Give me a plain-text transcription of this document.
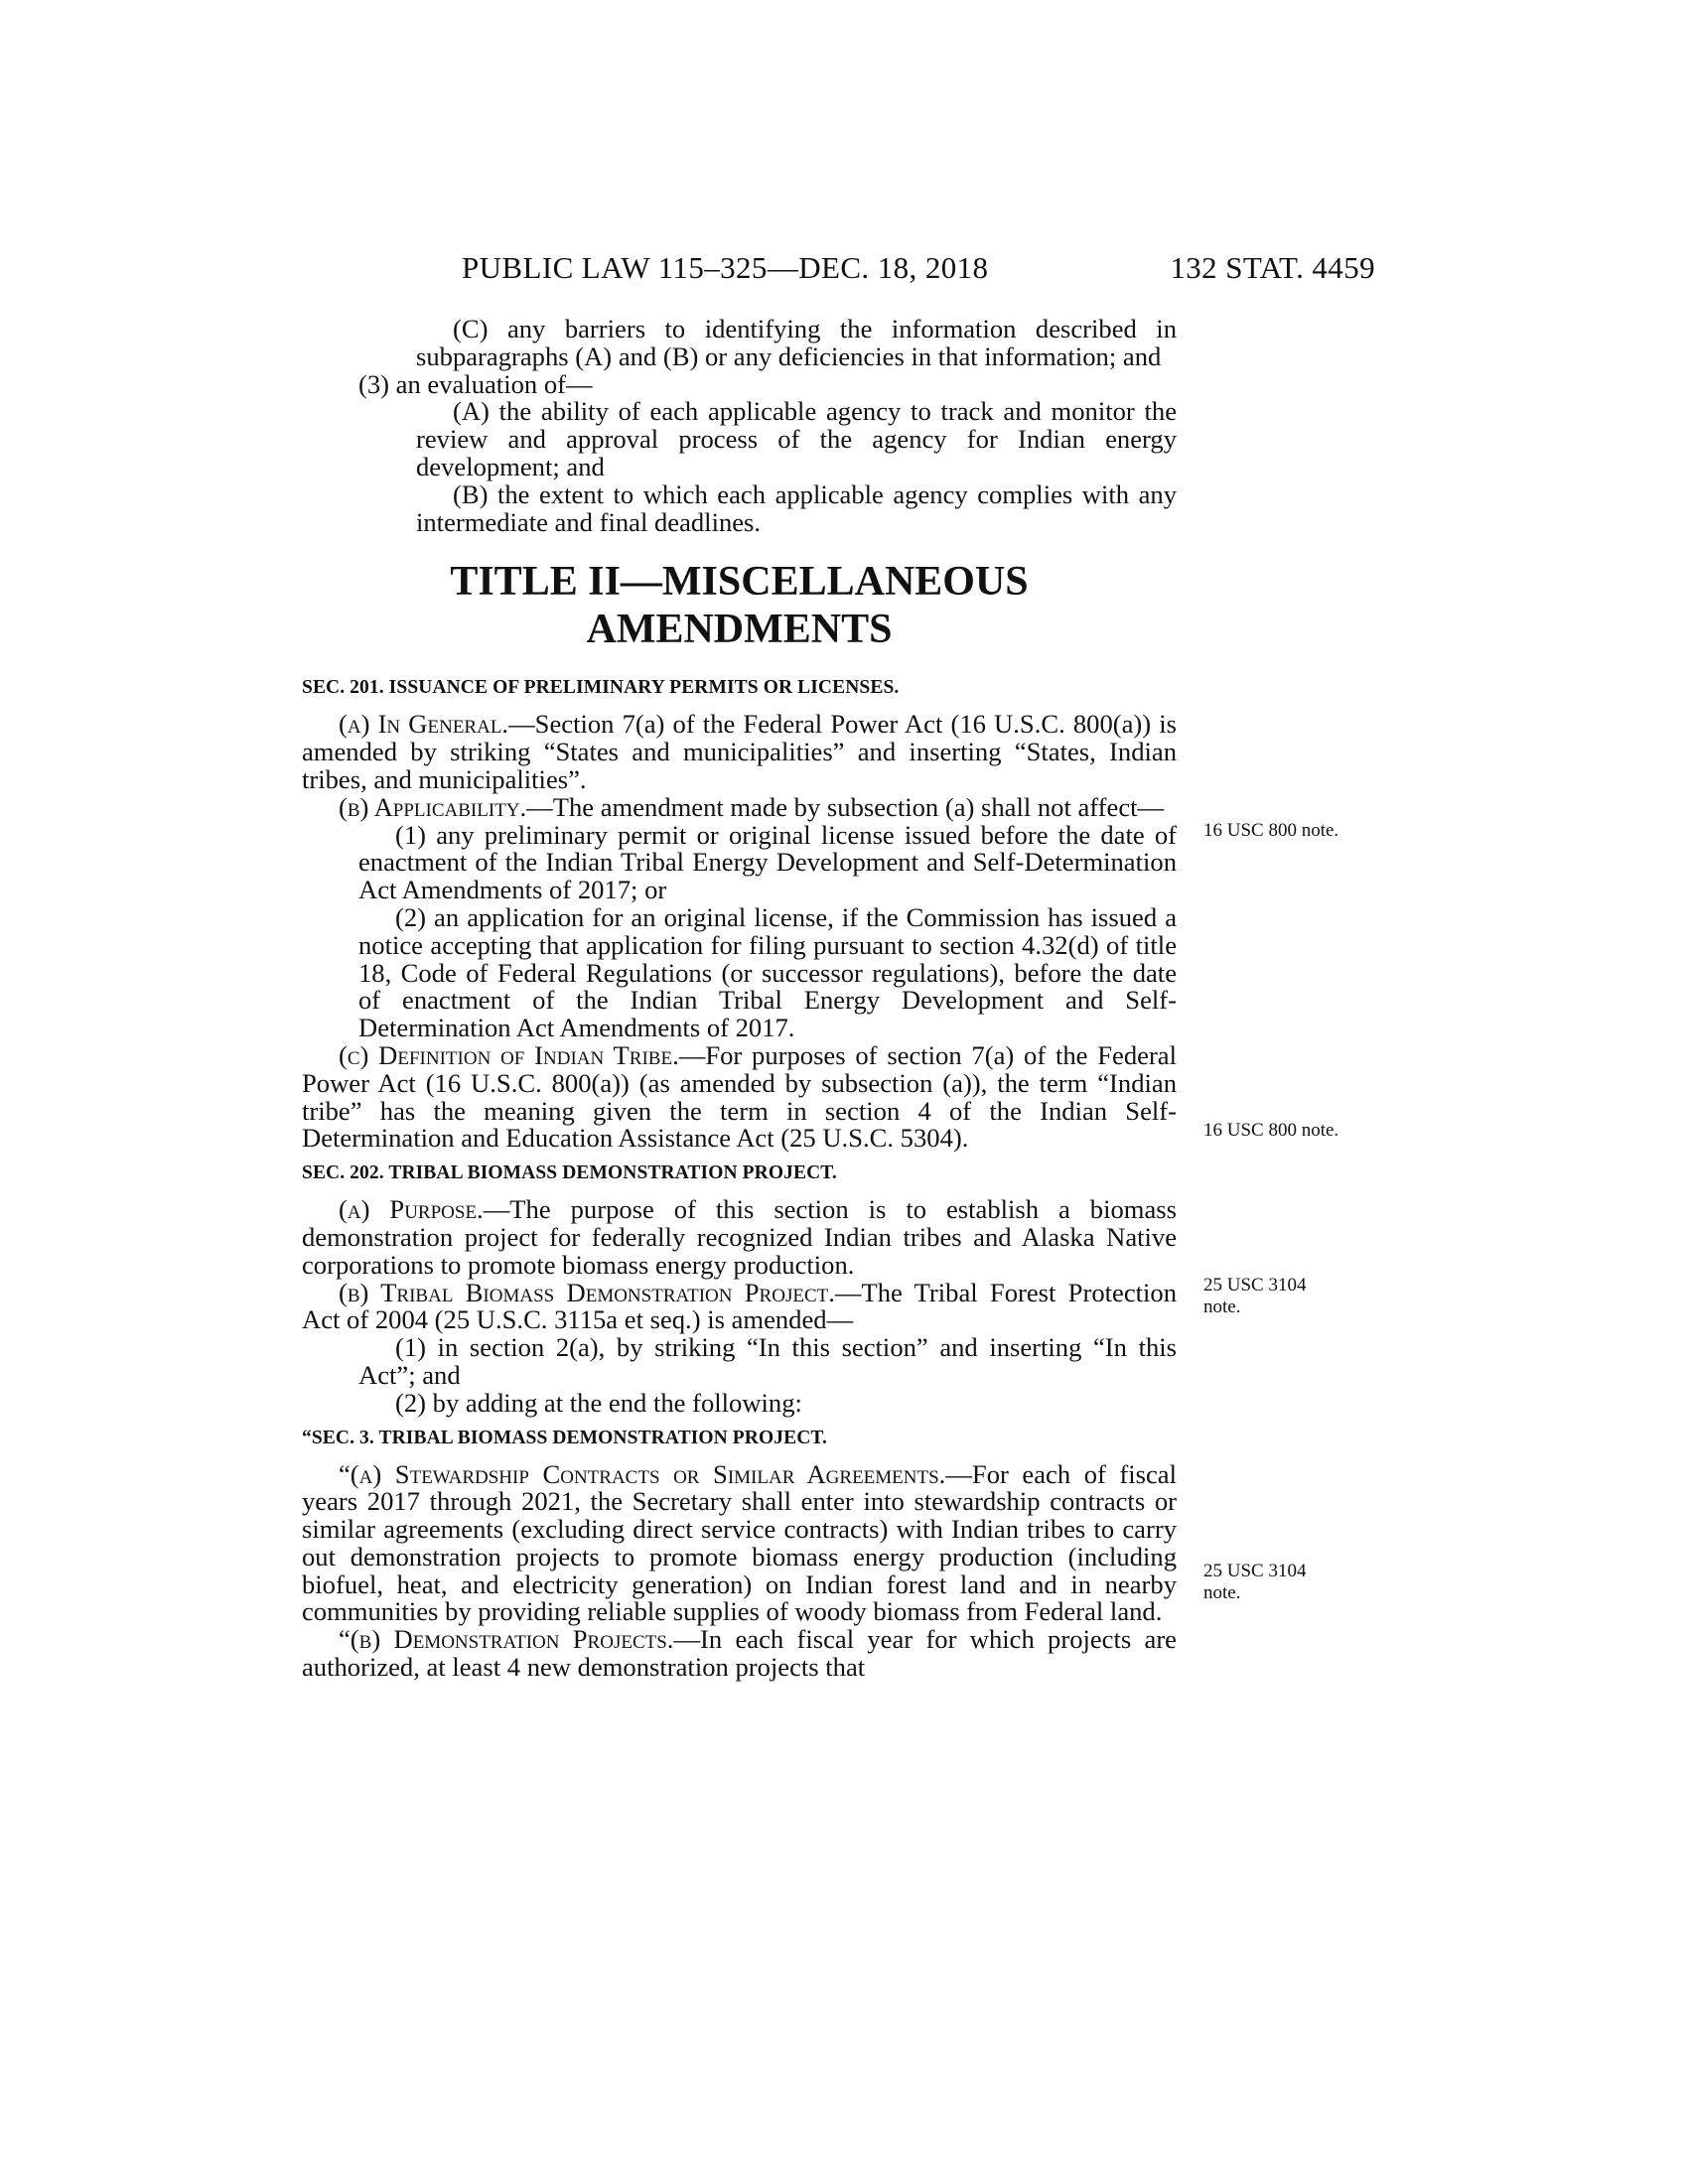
PUBLIC LAW 115–325—DEC. 18, 2018	132 STAT. 4459

(C) any barriers to identifying the information described in subparagraphs (A) and (B) or any deficiencies in that information; and

(3) an evaluation of—

(A) the ability of each applicable agency to track and monitor the review and approval process of the agency for Indian energy development; and

(B) the extent to which each applicable agency complies with any intermediate and final deadlines.

TITLE II—MISCELLANEOUS
AMENDMENTS
SEC. 201. ISSUANCE OF PRELIMINARY PERMITS OR LICENSES.

(a) In General.—Section 7(a) of the Federal Power Act (16 U.S.C. 800(a)) is amended by striking “States and municipalities” and inserting “States, Indian tribes, and municipalities”.

(b) Applicability.—The amendment made by subsection (a) shall not affect—

(1) any preliminary permit or original license issued before the date of enactment of the Indian Tribal Energy Development and Self-Determination Act Amendments of 2017; or

(2) an application for an original license, if the Commission has issued a notice accepting that application for filing pursuant to section 4.32(d) of title 18, Code of Federal Regulations (or successor regulations), before the date of enactment of the Indian Tribal Energy Development and Self-Determination Act Amendments of 2017.

(c) Definition of Indian Tribe.—For purposes of section 7(a) of the Federal Power Act (16 U.S.C. 800(a)) (as amended by subsection (a)), the term “Indian tribe” has the meaning given the term in section 4 of the Indian Self-Determination and Education Assistance Act (25 U.S.C. 5304).

SEC. 202. TRIBAL BIOMASS DEMONSTRATION PROJECT.

(a) Purpose.—The purpose of this section is to establish a biomass demonstration project for federally recognized Indian tribes and Alaska Native corporations to promote biomass energy production.

(b) Tribal Biomass Demonstration Project.—The Tribal Forest Protection Act of 2004 (25 U.S.C. 3115a et seq.) is amended—

(1) in section 2(a), by striking “In this section” and inserting “In this Act”; and

(2) by adding at the end the following:

“SEC. 3. TRIBAL BIOMASS DEMONSTRATION PROJECT.

“(a) Stewardship Contracts or Similar Agreements.—For each of fiscal years 2017 through 2021, the Secretary shall enter into stewardship contracts or similar agreements (excluding direct service contracts) with Indian tribes to carry out demonstration projects to promote biomass energy production (including biofuel, heat, and electricity generation) on Indian forest land and in nearby communities by providing reliable supplies of woody biomass from Federal land.

“(b) Demonstration Projects.—In each fiscal year for which projects are authorized, at least 4 new demonstration projects that

16 USC 800 note.
16 USC 800 note.
25 USC 3104 note.
25 USC 3104 note.
